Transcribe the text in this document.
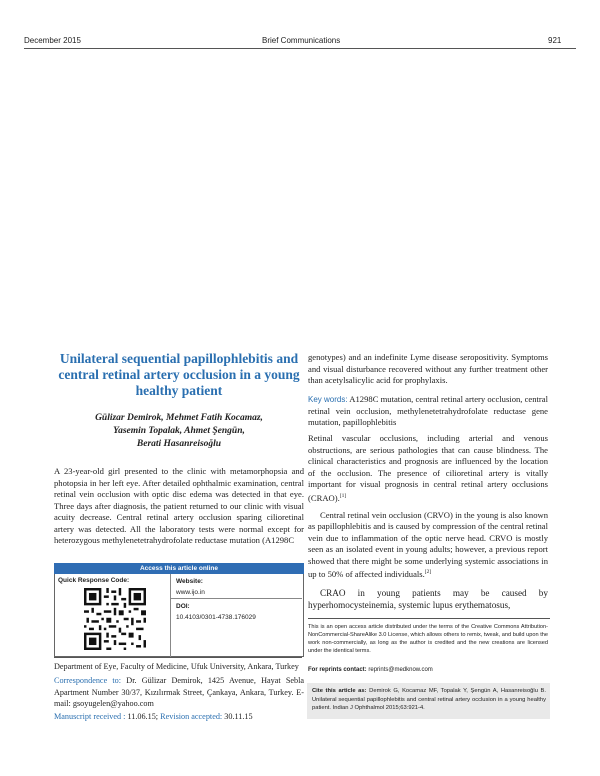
December 2015	Brief Communications	921
Unilateral sequential papillophlebitis and central retinal artery occlusion in a young healthy patient
Gülizar Demirok, Mehmet Fatih Kocamaz,
Yasemin Topalak, Ahmet Şengün,
Berati Hasanreisoğlu
A 23-year-old girl presented to the clinic with metamorphopsia and photopsia in her left eye. After detailed ophthalmic examination, central retinal vein occlusion with optic disc edema was detected in that eye. Three days after diagnosis, the patient returned to our clinic with visual acuity decrease. Central retinal artery occlusion sparing cilioretinal artery was detected. All the laboratory tests were normal except for heterozygous methylenetetrahydrofolate reductase mutation (A1298C
Access this article online
Quick Response Code:	Website:
www.ijo.in
DOI:
10.4103/0301-4738.176029
Department of Eye, Faculty of Medicine, Ufuk University, Ankara, Turkey
Correspondence to: Dr. Gülizar Demirok, 1425 Avenue, Hayat Sebla Apartment Number 30/37, Kızılırmak Street, Çankaya, Ankara, Turkey. E-mail: gsoyugelen@yahoo.com
Manuscript received : 11.06.15; Revision accepted: 30.11.15
genotypes) and an indefinite Lyme disease seropositivity. Symptoms and visual disturbance recovered without any further treatment other than acetylsalicylic acid for prophylaxis.
Key words: A1298C mutation, central retinal artery occlusion, central retinal vein occlusion, methylenetetrahydrofolate reductase gene mutation, papillophlebitis

Retinal vascular occlusions, including arterial and venous obstructions, are serious pathologies that can cause blindness. The clinical characteristics and prognosis are influenced by the location of the occlusion. The presence of cilioretinal artery is vitally important for visual prognosis in central retinal artery occlusions (CRAO).[1]

Central retinal vein occlusion (CRVO) in the young is also known as papillophlebitis and is caused by compression of the central retinal vein due to inflammation of the optic nerve head. CRVO is mostly seen as an isolated event in young adults; however, a previous report showed that there might be some underlying systemic associations in up to 50% of affected individuals.[2]

CRAO in young patients may be caused by hyperhomocysteinemia, systemic lupus erythematosus,

This is an open access article distributed under the terms of the Creative Commons Attribution-NonCommercial-ShareAlike 3.0 License, which allows others to remix, tweak, and build upon the work non-commercially, as long as the author is credited and the new creations are licensed under the identical terms.
For reprints contact: reprints@medknow.com
Cite this article as: Demirok G, Kocamaz MF, Topalak Y, Şengün A, Hasanreisoğlu B. Unilateral sequential papillophlebitis and central retinal artery occlusion in a young healthy patient. Indian J Ophthalmol 2015;63:921-4.
